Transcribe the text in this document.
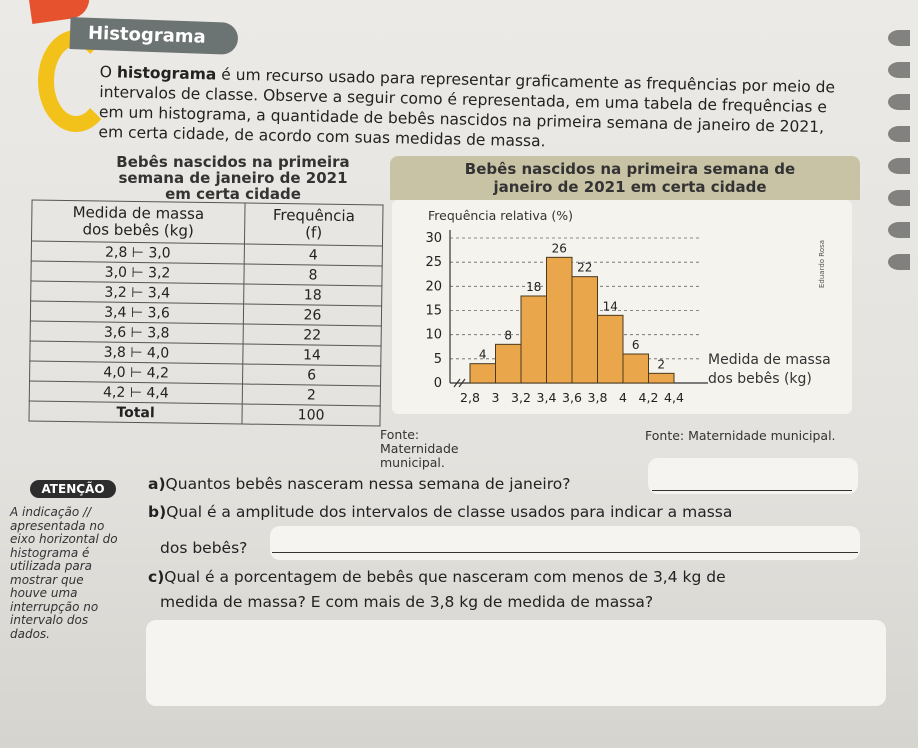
Histograma
O histograma é um recurso usado para representar graficamente as frequências por meio de intervalos de classe. Observe a seguir como é representada, em uma tabela de frequências e em um histograma, a quantidade de bebês nascidos na primeira semana de janeiro de 2021, em certa cidade, de acordo com suas medidas de massa.
Bebês nascidos na primeira
semana de janeiro de 2021
em certa cidade
Medida de massa
dos bebês (kg)	Frequência
(f)
2,8 ⊢ 3,0	4
3,0 ⊢ 3,2	8
3,2 ⊢ 3,4	18
3,4 ⊢ 3,6	26
3,6 ⊢ 3,8	22
3,8 ⊢ 4,0	14
4,0 ⊢ 4,2	6
4,2 ⊢ 4,4	2
Total	100
Fonte: Maternidade municipal.
Bebês nascidos na primeira semana de
janeiro de 2021 em certa cidade
Frequência relativa (%)
0
5
10
15
20
25
30
4
8
18
26
22
14
6
2
2,8 3 3,2 3,4 3,6 3,8 4 4,2 4,4
Medida de massa
dos bebês (kg)
Eduardo Rosa
Fonte: Maternidade municipal.
ATENÇÃO
A indicação //
apresentada no
eixo horizontal do
histograma é
utilizada para
mostrar que
houve uma
interrupção no
intervalo dos
dados.
a)Quantos bebês nasceram nessa semana de janeiro?
b)Qual é a amplitude dos intervalos de classe usados para indicar a massa
dos bebês?
c)Qual é a porcentagem de bebês que nasceram com menos de 3,4 kg de
medida de massa? E com mais de 3,8 kg de medida de massa?
